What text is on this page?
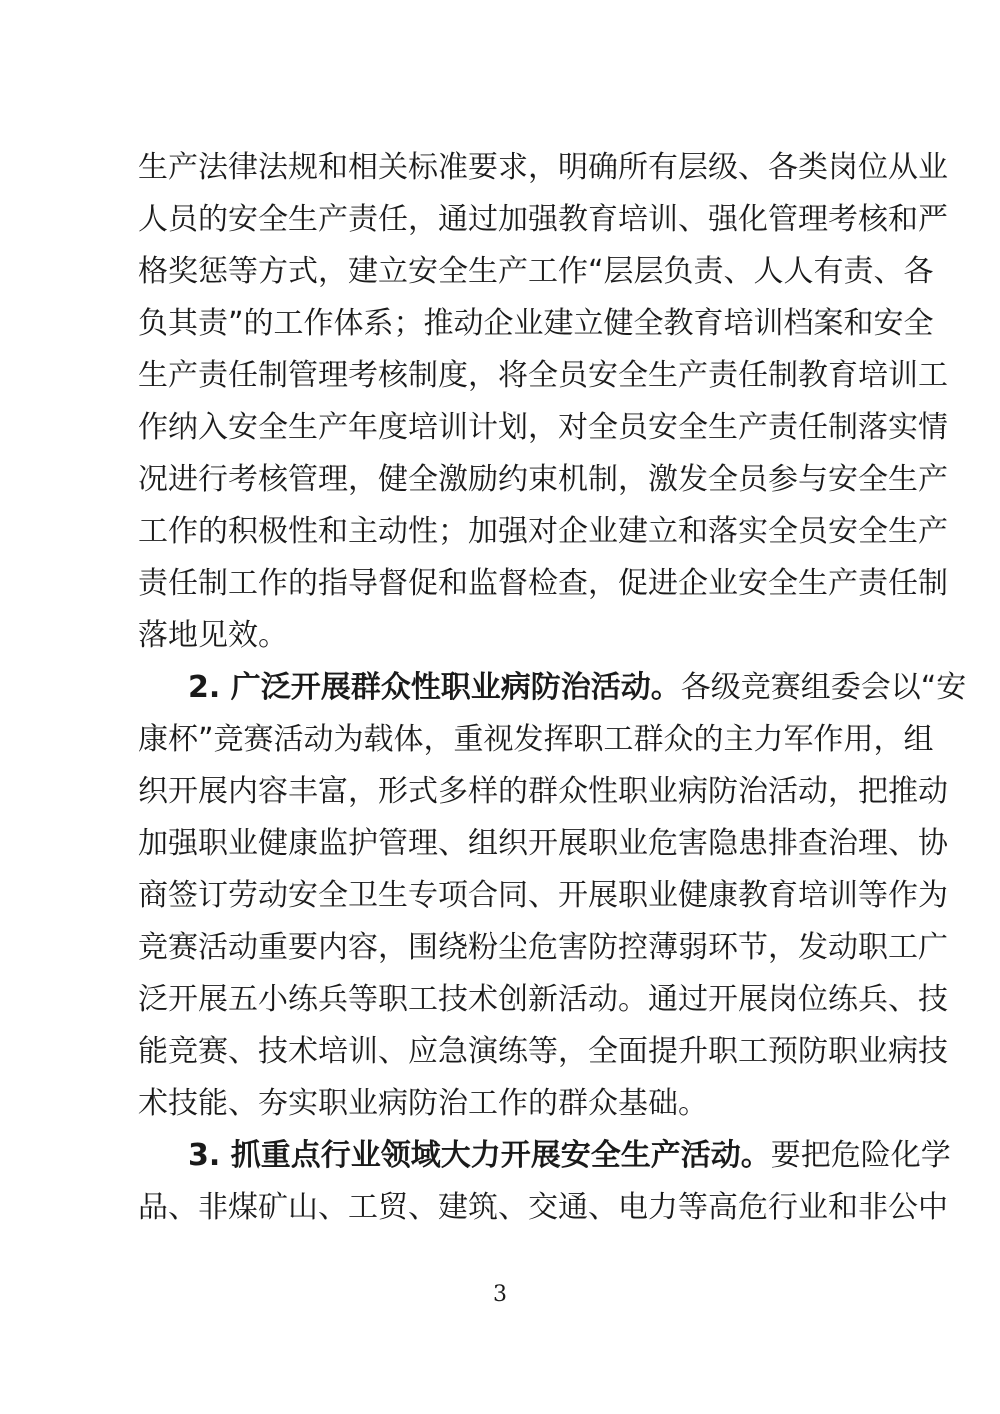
生产法律法规和相关标准要求，明确所有层级、各类岗位从业
人员的安全生产责任，通过加强教育培训、强化管理考核和严
格奖惩等方式，建立安全生产工作“层层负责、人人有责、各
负其责”的工作体系；推动企业建立健全教育培训档案和安全
生产责任制管理考核制度，将全员安全生产责任制教育培训工
作纳入安全生产年度培训计划，对全员安全生产责任制落实情
况进行考核管理，健全激励约束机制，激发全员参与安全生产
工作的积极性和主动性；加强对企业建立和落实全员安全生产
责任制工作的指导督促和监督检查，促进企业安全生产责任制
落地见效。
2. 广泛开展群众性职业病防治活动。各级竞赛组委会以“安
康杯”竞赛活动为载体，重视发挥职工群众的主力军作用，组
织开展内容丰富，形式多样的群众性职业病防治活动，把推动
加强职业健康监护管理、组织开展职业危害隐患排查治理、协
商签订劳动安全卫生专项合同、开展职业健康教育培训等作为
竞赛活动重要内容，围绕粉尘危害防控薄弱环节，发动职工广
泛开展五小练兵等职工技术创新活动。通过开展岗位练兵、技
能竞赛、技术培训、应急演练等，全面提升职工预防职业病技
术技能、夯实职业病防治工作的群众基础。
3. 抓重点行业领域大力开展安全生产活动。要把危险化学
3
品、非煤矿山、工贸、建筑、交通、电力等高危行业和非公中
